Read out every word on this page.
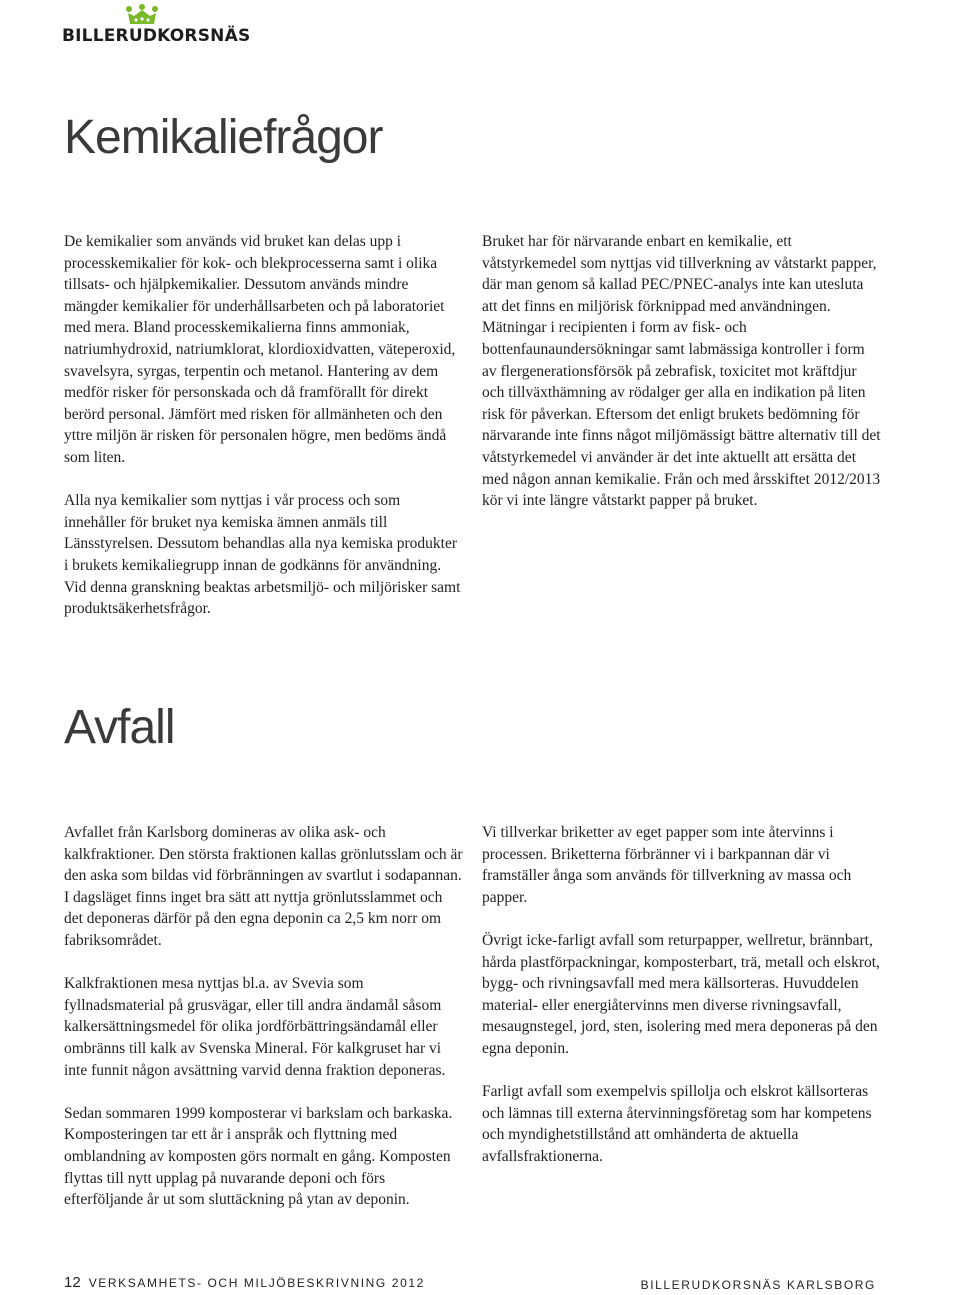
BILLERUDKORSNÄS
Kemikaliefrågor

De kemikalier som används vid bruket kan delas upp i processkemikalier för kok- och blekprocesserna samt i olika tillsats- och hjälpkemikalier. Dessutom används mindre mängder kemikalier för underhållsarbeten och på laboratoriet med mera. Bland processkemikalierna finns ammoniak, natriumhydroxid, natriumklorat, klordioxidvatten, väteperoxid, svavelsyra, syrgas, terpentin och metanol. Hantering av dem medför risker för personskada och då framförallt för direkt berörd personal. Jämfört med risken för allmänheten och den yttre miljön är risken för personalen högre, men bedöms ändå som liten.

Alla nya kemikalier som nyttjas i vår process och som innehåller för bruket nya kemiska ämnen anmäls till Länsstyrelsen. Dessutom behandlas alla nya kemiska produkter i brukets kemikaliegrupp innan de godkänns för användning. Vid denna granskning beaktas arbetsmiljö- och miljörisker samt produktsäkerhetsfrågor.

Bruket har för närvarande enbart en kemikalie, ett våtstyrkemedel som nyttjas vid tillverkning av våtstarkt papper, där man genom så kallad PEC/PNEC-analys inte kan utesluta att det finns en miljörisk förknippad med användningen. Mätningar i recipienten i form av fisk- och bottenfaunaundersökningar samt labmässiga kontroller i form av flergenerationsförsök på zebrafisk, toxicitet mot kräftdjur och tillväxthämning av rödalger ger alla en indikation på liten risk för påverkan. Eftersom det enligt brukets bedömning för närvarande inte finns något miljömässigt bättre alternativ till det våtstyrkemedel vi använder är det inte aktuellt att ersätta det med någon annan kemikalie. Från och med årsskiftet 2012/2013 kör vi inte längre våtstarkt papper på bruket.

Avfall

Avfallet från Karlsborg domineras av olika ask- och kalkfraktioner. Den största fraktionen kallas grönlutsslam och är den aska som bildas vid förbränningen av svartlut i sodapannan. I dagsläget finns inget bra sätt att nyttja grönlutsslammet och det deponeras därför på den egna deponin ca 2,5 km norr om fabriksområdet.

Kalkfraktionen mesa nyttjas bl.a. av Svevia som fyllnadsmaterial på grusvägar, eller till andra ändamål såsom kalkersättningsmedel för olika jordförbättringsändamål eller ombränns till kalk av Svenska Mineral. För kalkgruset har vi inte funnit någon avsättning varvid denna fraktion deponeras.

Sedan sommaren 1999 komposterar vi barkslam och barkaska. Komposteringen tar ett år i anspråk och flyttning med omblandning av komposten görs normalt en gång. Komposten flyttas till nytt upplag på nuvarande deponi och förs efterföljande år ut som sluttäckning på ytan av deponin.

Vi tillverkar briketter av eget papper som inte återvinns i processen. Briketterna förbränner vi i barkpannan där vi framställer ånga som används för tillverkning av massa och papper.

Övrigt icke-farligt avfall som returpapper, wellretur, brännbart, hårda plastförpackningar, komposterbart, trä, metall och elskrot, bygg- och rivningsavfall med mera källsorteras. Huvuddelen material- eller energiåtervinns men diverse rivningsavfall, mesaugnstegel, jord, sten, isolering med mera deponeras på den egna deponin.

Farligt avfall som exempelvis spillolja och elskrot källsorteras och lämnas till externa återvinningsföretag som har kompetens och myndighetstillstånd att omhänderta de aktuella avfallsfraktionerna.

12 VERKSAMHETS- OCH MILJÖBESKRIVNING 2012	BILLERUDKORSNÄS KARLSBORG
